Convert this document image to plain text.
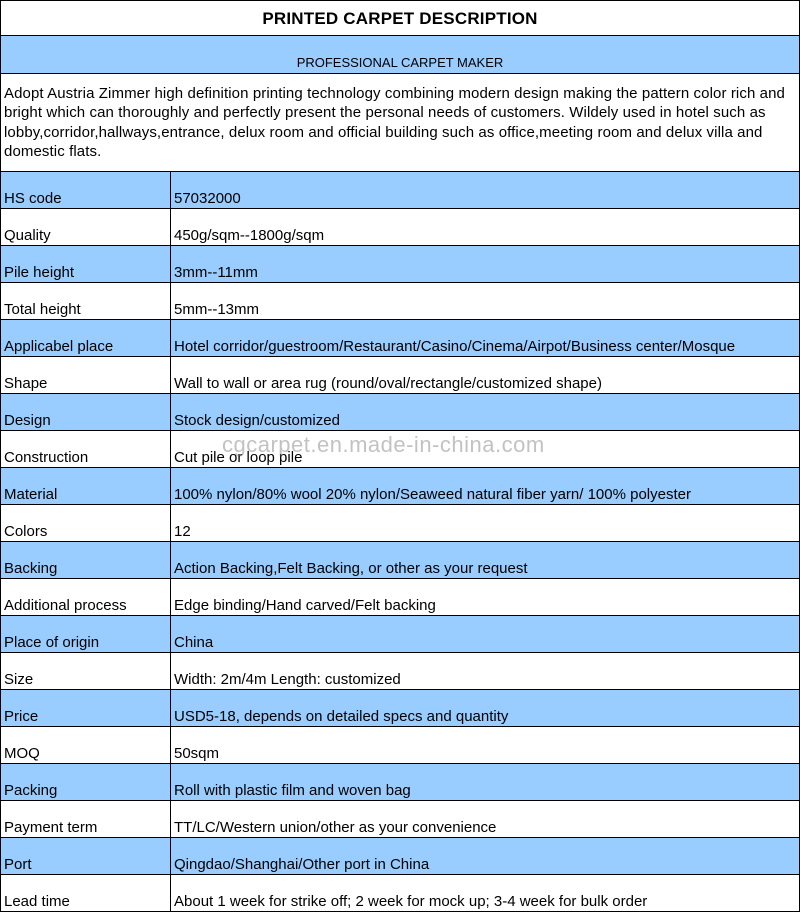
PRINTED CARPET DESCRIPTION	
PROFESSIONAL CARPET MAKER	
Adopt Austria Zimmer high definition printing technology combining modern design making the pattern color rich and bright which can thoroughly and perfectly present the personal needs of customers. Wildely used in hotel such as lobby,corridor,hallways,entrance, delux room and official building such as office,meeting room and delux villa and domestic flats.	
HS code	57032000
Quality	450g/sqm--1800g/sqm
Pile height	3mm--11mm
Total height	5mm--13mm
Applicabel place	Hotel corridor/guestroom/Restaurant/Casino/Cinema/Airpot/Business center/Mosque
Shape	Wall to wall or area rug (round/oval/rectangle/customized shape)
Design	Stock design/customized
Construction	Cut pile or loop pile
Material	100% nylon/80% wool 20% nylon/Seaweed natural fiber yarn/ 100% polyester
Colors	12
Backing	Action Backing,Felt Backing, or other as your request
Additional process	Edge binding/Hand carved/Felt backing
Place of origin	China
Size	Width: 2m/4m Length: customized
Price	USD5-18, depends on detailed specs and quantity
MOQ	50sqm
Packing	Roll with plastic film and woven bag
Payment term	TT/LC/Western union/other as your convenience
Port	Qingdao/Shanghai/Other port in China
Lead time	About 1 week for strike off; 2 week for mock up; 3-4 week for bulk order
cgcarpet.en.made-in-china.com
